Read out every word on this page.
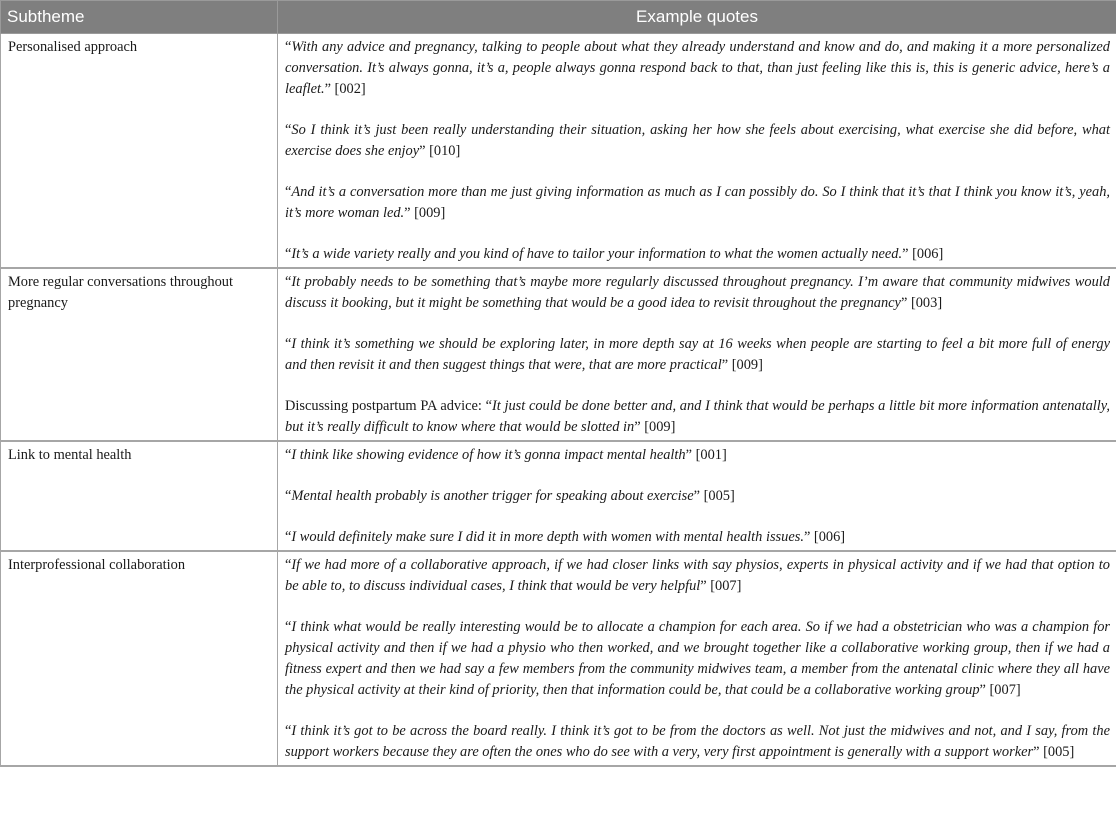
Subtheme	Example quotes
Personalised approach	“With any advice and pregnancy, talking to people about what they already understand and know and do, and making it a more personalized conversation. It’s always gonna, it’s a, people always gonna respond back to that, than just feeling like this is, this is generic advice, here’s a leaflet.” [002]

“So I think it’s just been really understanding their situation, asking her how she feels about exercising, what exercise she did before, what exercise does she enjoy” [010]

“And it’s a conversation more than me just giving information as much as I can possibly do. So I think that it’s that I think you know it’s, yeah, it’s more woman led.” [009]

“It’s a wide variety really and you kind of have to tailor your information to what the women actually need.” [006]

More regular conversations throughout pregnancy	“It probably needs to be something that’s maybe more regularly discussed throughout pregnancy. I’m aware that community midwives would discuss it booking, but it might be something that would be a good idea to revisit throughout the pregnancy” [003]

“I think it’s something we should be exploring later, in more depth say at 16 weeks when people are starting to feel a bit more full of energy and then revisit it and then suggest things that were, that are more practical” [009]

Discussing postpartum PA advice: “It just could be done better and, and I think that would be perhaps a little bit more information antenatally, but it’s really difficult to know where that would be slotted in” [009]

Link to mental health	“I think like showing evidence of how it’s gonna impact mental health” [001]

“Mental health probably is another trigger for speaking about exercise” [005]

“I would definitely make sure I did it in more depth with women with mental health issues.” [006]

Interprofessional collaboration	“If we had more of a collaborative approach, if we had closer links with say physios, experts in physical activity and if we had that option to be able to, to discuss individual cases, I think that would be very helpful” [007]

“I think what would be really interesting would be to allocate a champion for each area. So if we had a obstetrician who was a champion for physical activity and then if we had a physio who then worked, and we brought together like a collaborative working group, then if we had a fitness expert and then we had say a few members from the community midwives team, a member from the antenatal clinic where they all have the physical activity at their kind of priority, then that information could be, that could be a collaborative working group” [007]

“I think it’s got to be across the board really. I think it’s got to be from the doctors as well. Not just the midwives and not, and I say, from the support workers because they are often the ones who do see with a very, very first appointment is generally with a support worker” [005]
